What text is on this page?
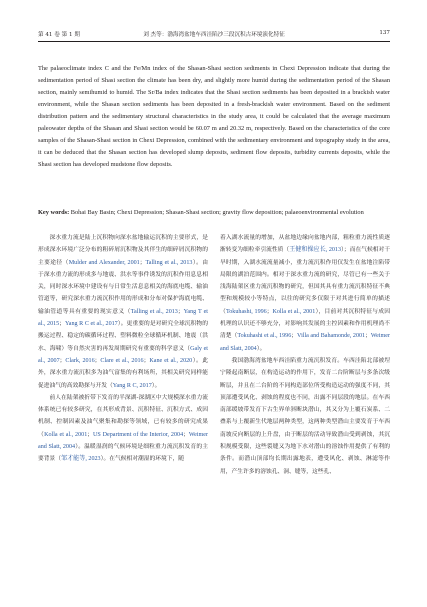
第 41 卷 第 1 期	刘 杰等：渤海湾盆地车西洼陷沙三段沉积古环境演化特征	137

The palaeoclimate index C and the Fe/Mn index of the Shasan-Shasi section sediments in Chexi Depression indicate that during the sedimentation period of Shasi section the climate has been dry, and slightly more humid during the sedimentation period of the Shasan section, mainly semihumid to humid. The Sr/Ba index indicates that the Shasi section sediments has been deposited in a brackish water environment, while the Shasan section sediments has been deposited in a fresh-brackish water environment. Based on the sediment distribution pattern and the sedimentary structural characteristics in the study area, it could be calculated that the average maximum paleowater depths of the Shasan and Shasi section would be 60.07 m and 20.32 m, respectively. Based on the characteristics of the core samples of the Shasan-Shasi section in Chexi Depression, combined with the sedimentary environment and topography study in the area, it can be deduced that the Shasan section has developed slump deposits, sediment flow deposits, turbidity currents deposits, while the Shasi section has developed mudstone flow deposits.

Key words: Bohai Bay Basin; Chexi Depression; Shasan-Shasi section; gravity flow deposition; palaeoenvironmental evolution

深水重力流是陆上沉积物向深水盆地输运沉积的主要形式，是形成深水环境广泛分布的粗碎屑沉积物及其伴生的细碎屑沉积物的主要途径（Mulder and Alexander, 2001；Talling et al., 2013）。由于深水重力流的形成多与地震、洪水等事件诱发的沉积作用息息相关，同时深水环境中建设有与日常生活息息相关的海底电缆、输油管道等，研究深水重力流沉积作用的形成和分布对保护海底电缆、输油管道等具有重要的现实意义（Talling et al., 2013；Yang T et al., 2015；Yang R C et al., 2017）。更重要的是对研究全球沉积物的搬运过程、稳定的碳循环过程、塑料微粒全球循环机制、地震（洪水、海啸）等自然灾害的再发周期研究有重要的科学意义（Galy et al., 2007；Clark, 2016；Clare et al., 2016；Kane et al., 2020）。此外，深水重力流沉积多为油气富集的有利场所，其相关研究同样能促进油气的高效勘探与开发（Yang R C, 2017）。

前人在陆架被折带下发育的半深湖-深湖区中大规模深水重力流体系统已有较多研究，在其形成背景、沉积特征、沉积方式、成因机制、控制因素及油气聚集和勘探等领域，已有较多的研究成果（Kolla et al., 2001；US Department of the Interior, 2004；Weimer and Slatt, 2004）。温暖湿润的气候环境是细粒重力流沉积发育的主要背景（邹才能等, 2023）。在气候相对潮湿的环境下，随

着入湖水流量的增加，从盆地边缘向盆地内部，粗粒重力流性质逐渐转变为细粒牵引流性质（王健和操应长, 2013）；而在气候相对干旱时期，入湖水流流量减小，重力流沉积作用仅发生在盆地注陷带局限的湖泊范围内。相对于深水重力流的研究，尽管已有一些关于浅海陆架区重力流沉积物的研究，但国其具有重力流沉积特征不典型和规模较小等特点，以往的研究多仅限于对其进行简单的描述（Tokuhashi, 1996；Kolla et al., 2001），目前对其沉积特征与成因机理的认识还不够充分，对影响其发展的主控因素和作用机理尚不清楚（Tokuhashi et al., 1996；Villa and Bahamonde, 2001；Weimer and Slatt, 2004）。

我国渤海湾盆地车西洼陷重力流沉积发育。车西洼陷北部被埕宁隆起南断层，在构造运动的作用下，发育二台阶断层与多条次级断层，并且在二台阶的不同构造部位所受构造运动的强度不同，其顶部遭受风化、剥蚀的程度也不同，出露不同层段的地层。在车西南部缓坡带发育下古生界单斜断块潜山，其又分为上覆石炭系、二叠系与上覆新生代地层两种类型，这两种类型潜山主要发育于车西南坡反向断层的上升盘，由于断层的活动导致潜山受到剥蚀，其沉积规模受限，这些裂缝又为地下水对潜山的溶蚀作用提供了有利的条件。而潜山顶部均长期出露地表，遭受风化、剥蚀、淋滤等作用，产生许多的溶蚀孔、洞、缝等，这些孔、
